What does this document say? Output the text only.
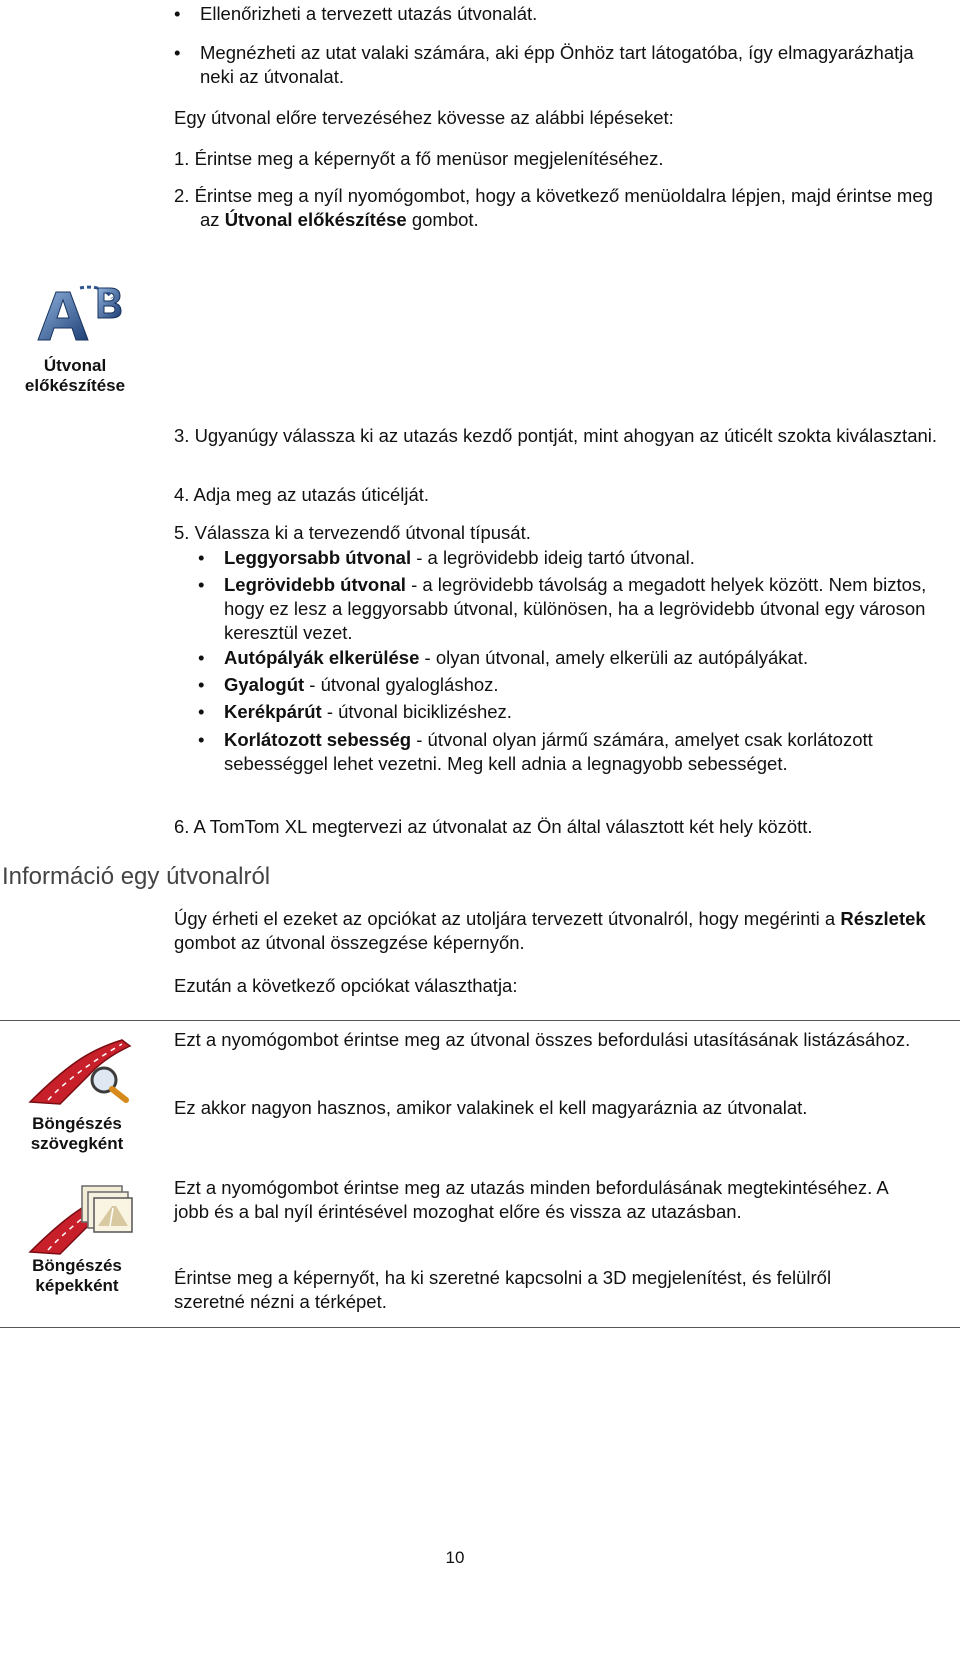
• Ellenőrizheti a tervezett utazás útvonalát.
• Megnézheti az utat valaki számára, aki épp Önhöz tart látogatóba, így elmagyarázhatja neki az útvonalat.
Egy útvonal előre tervezéséhez kövesse az alábbi lépéseket:
1. Érintse meg a képernyőt a fő menüsor megjelenítéséhez.
2. Érintse meg a nyíl nyomógombot, hogy a következő menüoldalra lépjen, majd érintse meg az Útvonal előkészítése gombot.
Útvonal
előkészítése
3. Ugyanúgy válassza ki az utazás kezdő pontját, mint ahogyan az úticélt szokta kiválasztani.
4. Adja meg az utazás úticélját.
5. Válassza ki a tervezendő útvonal típusát.
• Leggyorsabb útvonal - a legrövidebb ideig tartó útvonal.
• Legrövidebb útvonal - a legrövidebb távolság a megadott helyek között. Nem biztos, hogy ez lesz a leggyorsabb útvonal, különösen, ha a legrövidebb útvonal egy városon keresztül vezet.
• Autópályák elkerülése - olyan útvonal, amely elkerüli az autópályákat.
• Gyalogút - útvonal gyalogláshoz.
• Kerékpárút - útvonal biciklizéshez.
• Korlátozott sebesség - útvonal olyan jármű számára, amelyet csak korlátozott sebességgel lehet vezetni. Meg kell adnia a legnagyobb sebességet.
6. A TomTom XL megtervezi az útvonalat az Ön által választott két hely között.
Információ egy útvonalról
Úgy érheti el ezeket az opciókat az utoljára tervezett útvonalról, hogy megérinti a Részletek gombot az útvonal összegzése képernyőn.
Ezután a következő opciókat választhatja:
Böngészés
szövegként
Ezt a nyomógombot érintse meg az útvonal összes befordulási utasításának listázásához.
Ez akkor nagyon hasznos, amikor valakinek el kell magyaráznia az útvonalat.
Böngészés
képekként
Ezt a nyomógombot érintse meg az utazás minden befordulásának megtekintéséhez. A jobb és a bal nyíl érintésével mozoghat előre és vissza az utazásban.
Érintse meg a képernyőt, ha ki szeretné kapcsolni a 3D megjelenítést, és felülről szeretné nézni a térképet.
10
